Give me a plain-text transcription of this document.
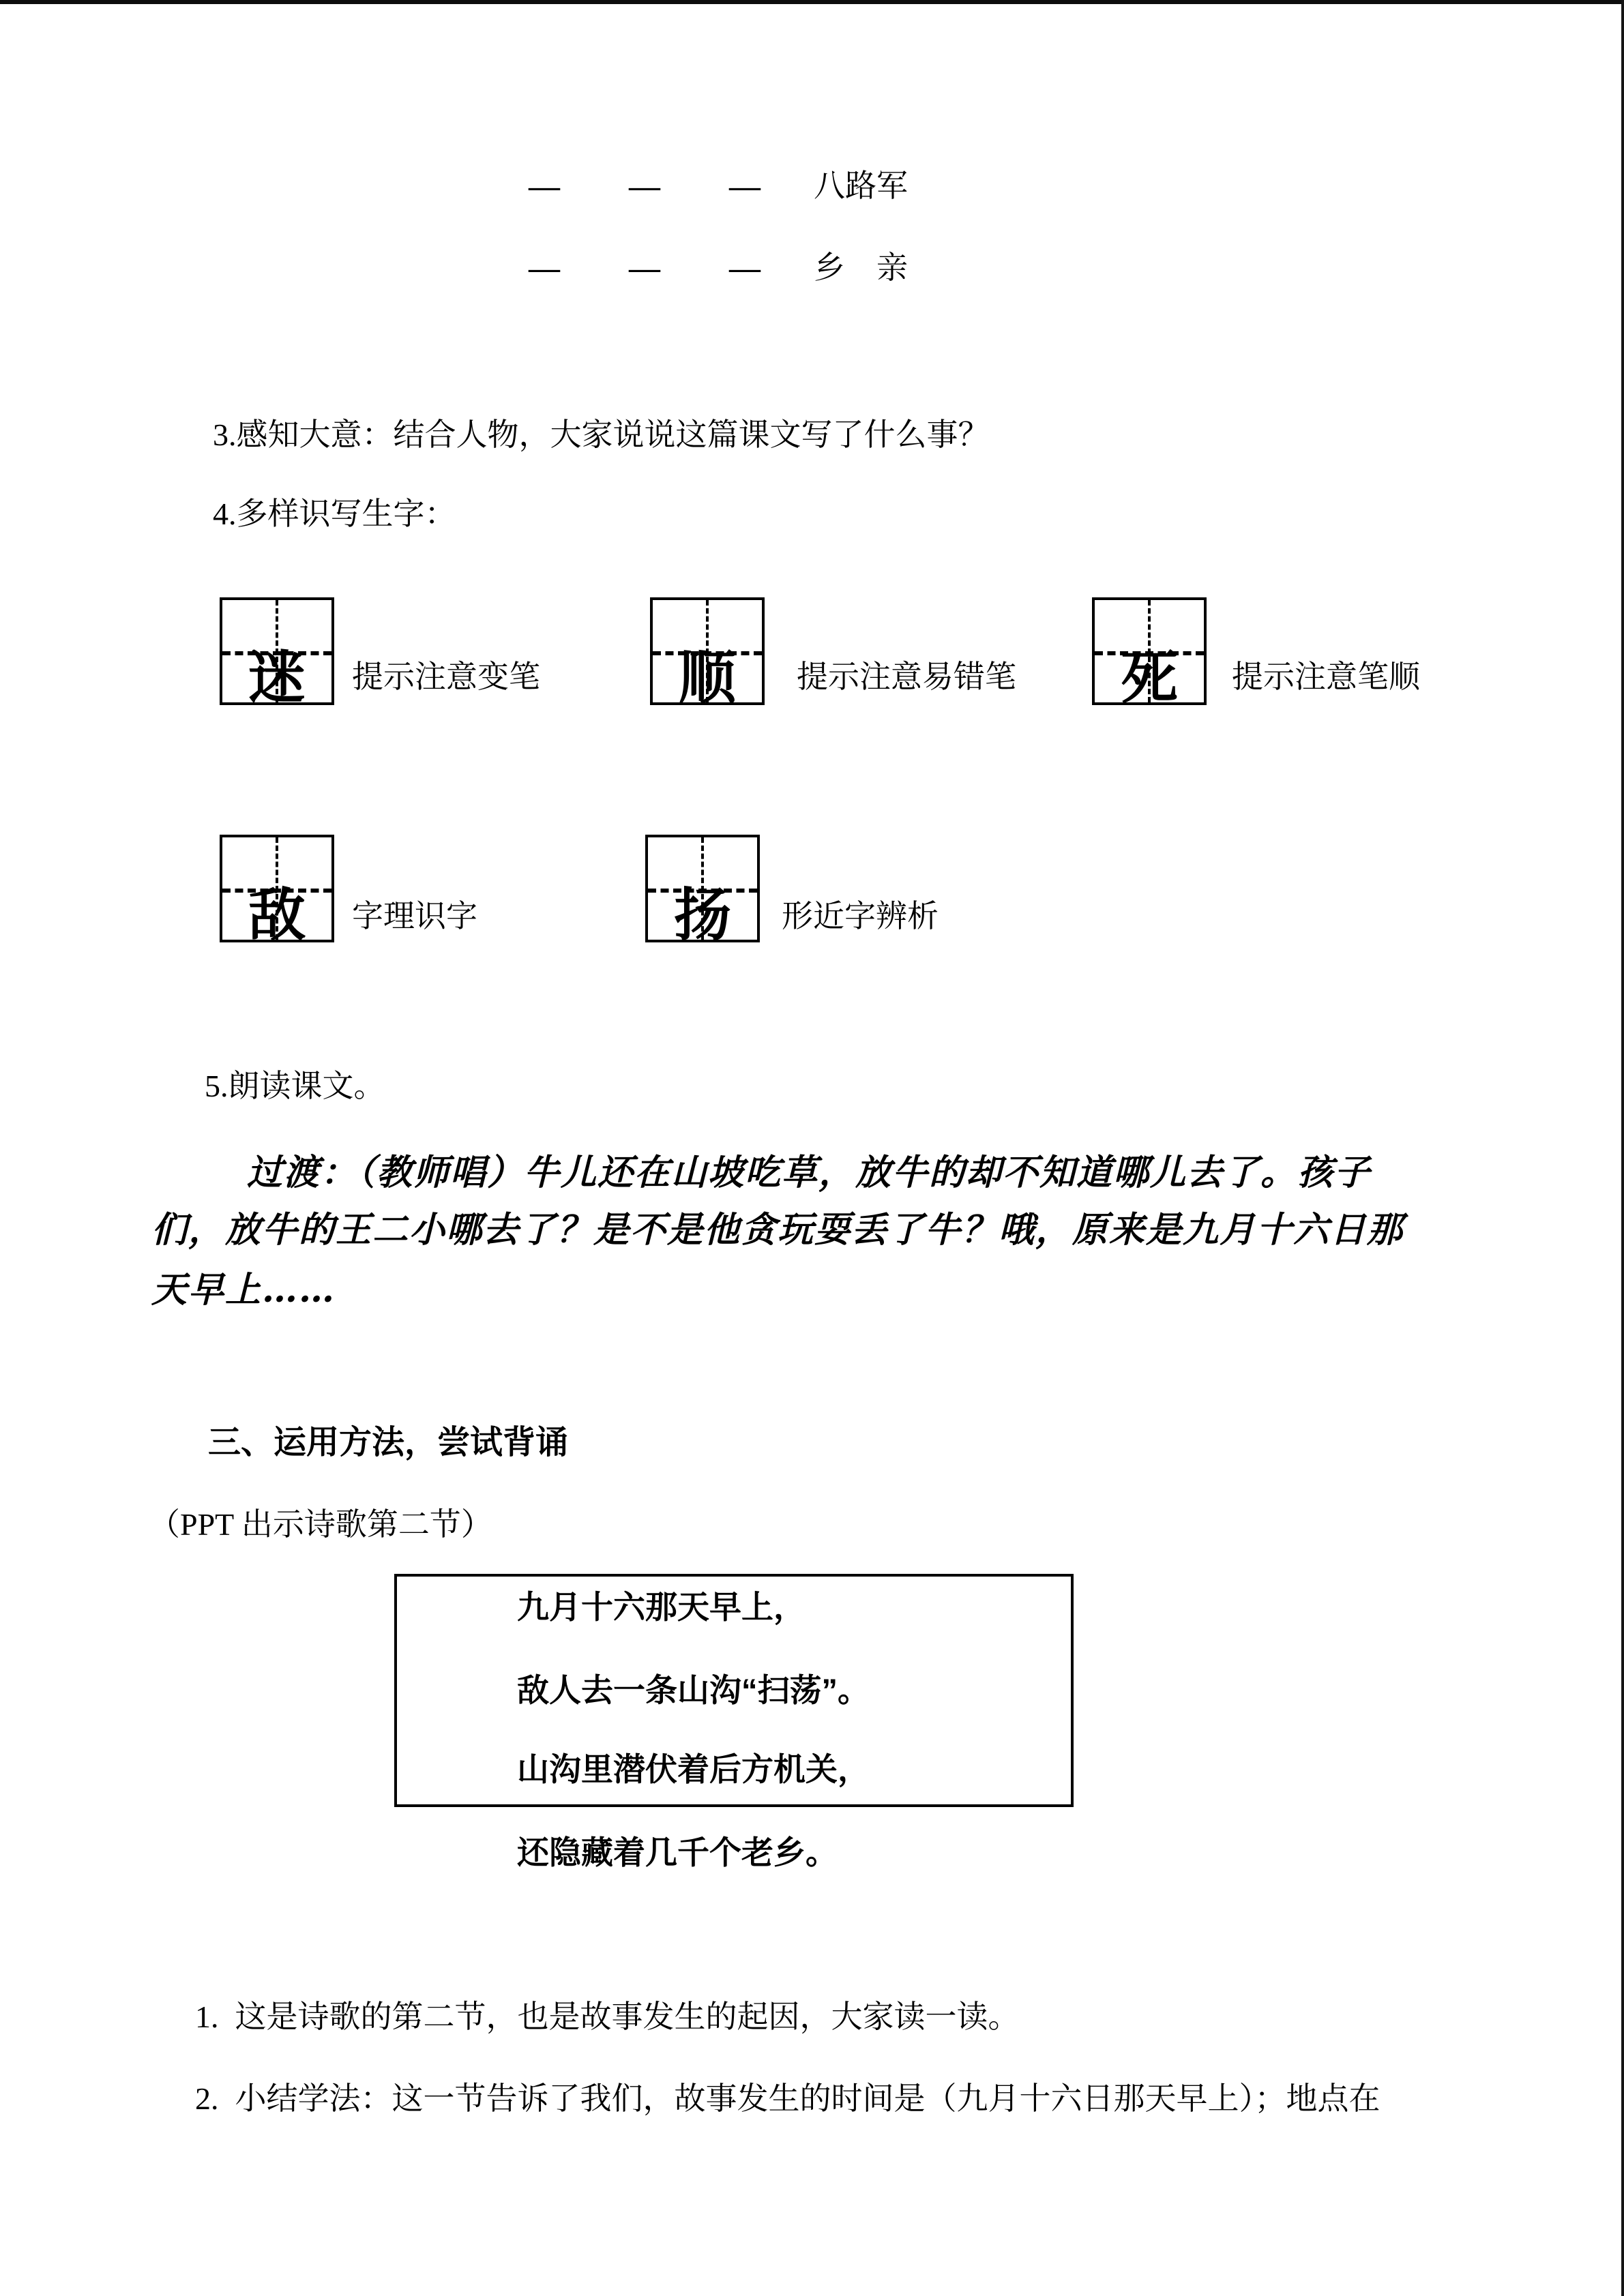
— — — 八路军
— — — 乡　亲
3.感知大意：结合人物，大家说说这篇课文写了什么事？
4.多样识写生字：
迷 提示注意变笔 顺 提示注意易错笔 死 提示注意笔顺
敌 字理识字	扬 形近字辨析
5.朗读课文。
过渡：（教师唱）牛儿还在山坡吃草，放牛的却不知道哪儿去了。孩子
们，放牛的王二小哪去了？是不是他贪玩耍丢了牛？哦，原来是九月十六日那
天早上……
三、运用方法，尝试背诵
（PPT 出示诗歌第二节）
九月十六那天早上，
敌人去一条山沟“扫荡”。
山沟里潜伏着后方机关，
还隐藏着几千个老乡。
1. 这是诗歌的第二节，也是故事发生的起因，大家读一读。
2. 小结学法：这一节告诉了我们，故事发生的时间是（九月十六日那天早上）；地点在
